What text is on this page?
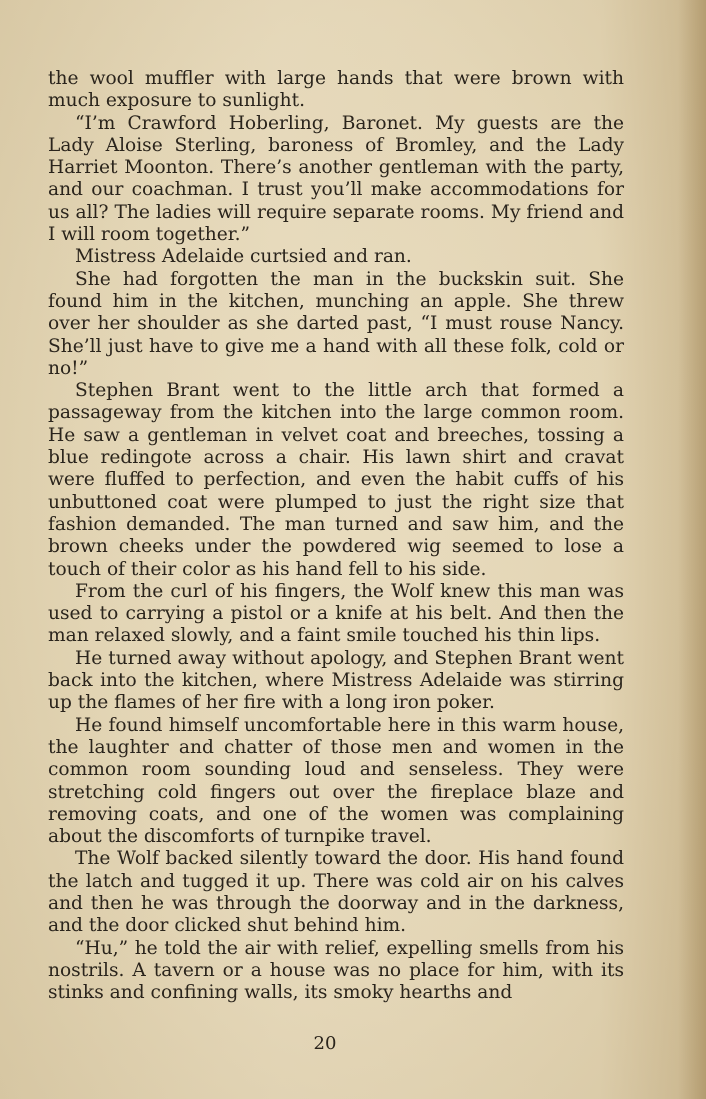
the wool muffler with large hands that were brown with much exposure to sunlight.

“I’m Crawford Hoberling, Baronet. My guests are the Lady Aloise Sterling, baroness of Bromley, and the Lady Harriet Moonton. There’s another gentleman with the party, and our coachman. I trust you’ll make accommodations for us all? The ladies will require separate rooms. My friend and I will room together.”

Mistress Adelaide curtsied and ran.

She had forgotten the man in the buckskin suit. She found him in the kitchen, munching an apple. She threw over her shoulder as she darted past, “I must rouse Nancy. She’ll just have to give me a hand with all these folk, cold or no!”

Stephen Brant went to the little arch that formed a passageway from the kitchen into the large common room. He saw a gentleman in velvet coat and breeches, tossing a blue redingote across a chair. His lawn shirt and cravat were fluffed to perfection, and even the habit cuffs of his unbuttoned coat were plumped to just the right size that fashion demanded. The man turned and saw him, and the brown cheeks under the powdered wig seemed to lose a touch of their color as his hand fell to his side.

From the curl of his fingers, the Wolf knew this man was used to carrying a pistol or a knife at his belt. And then the man relaxed slowly, and a faint smile touched his thin lips.

He turned away without apology, and Stephen Brant went back into the kitchen, where Mistress Adelaide was stirring up the flames of her fire with a long iron poker.

He found himself uncomfortable here in this warm house, the laughter and chatter of those men and women in the common room sounding loud and senseless. They were stretching cold fingers out over the fireplace blaze and removing coats, and one of the women was complaining about the discomforts of turnpike travel.

The Wolf backed silently toward the door. His hand found the latch and tugged it up. There was cold air on his calves and then he was through the doorway and in the darkness, and the door clicked shut behind him.

“Hu,” he told the air with relief, expelling smells from his nostrils. A tavern or a house was no place for him, with its stinks and confining walls, its smoky hearths and

20
